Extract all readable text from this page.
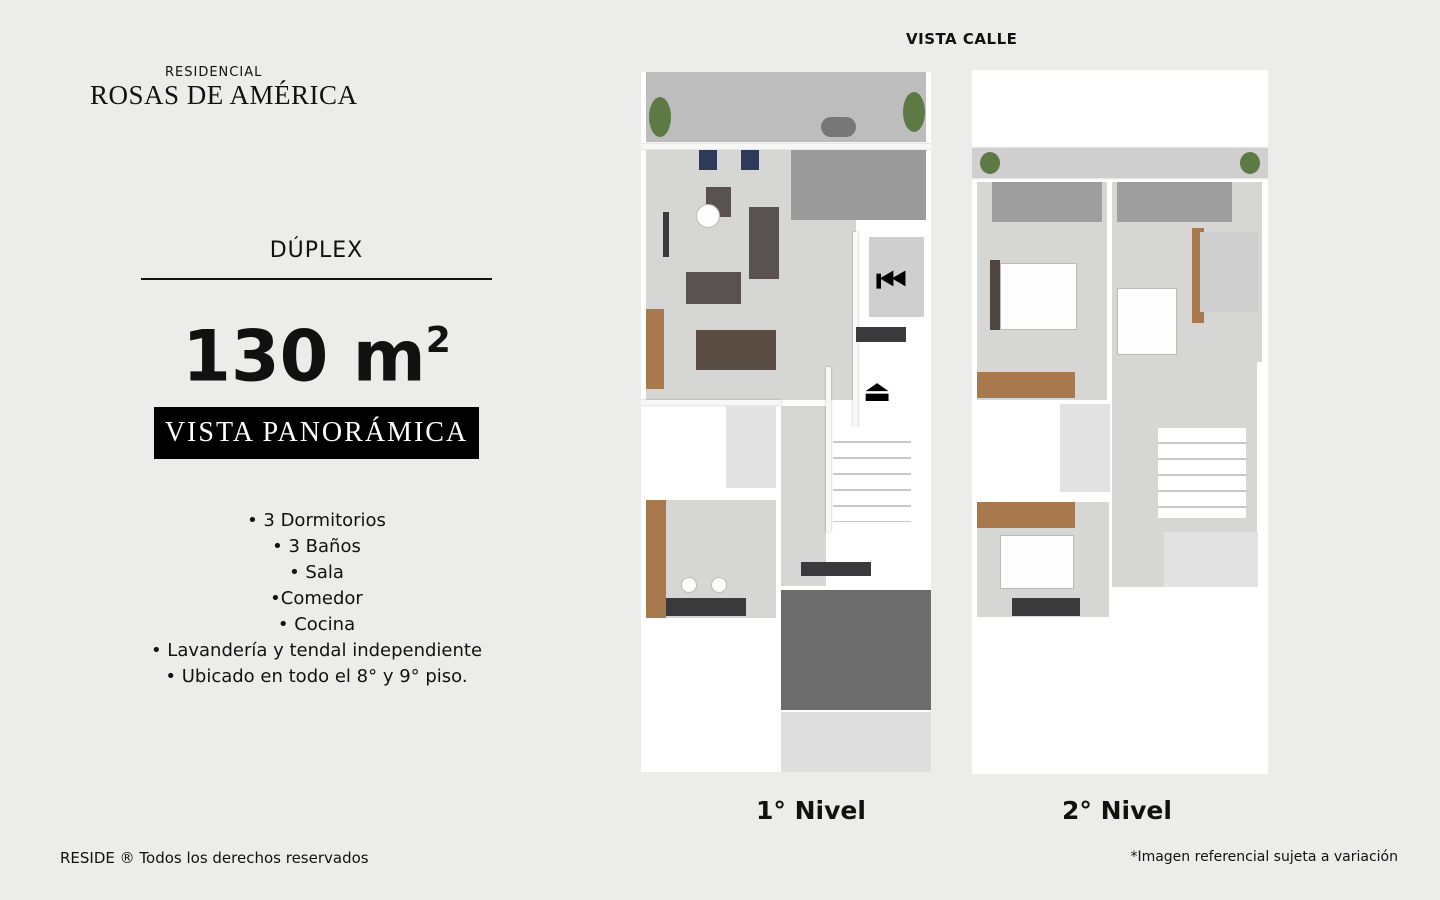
RESIDENCIAL
ROSAS DE AMÉRICA
DÚPLEX
130 $m^2$
VISTA PANORÁMICA
• 3 Dormitorios
• 3 Baños
• Sala
•Comedor
• Cocina
• Lavandería y tendal independiente
• Ubicado en todo el 8° y 9° piso.
VISTA CALLE
⏮
⏏
1° Nivel	2° Nivel
RESIDE ® Todos los derechos reservados	*Imagen referencial sujeta a variación
